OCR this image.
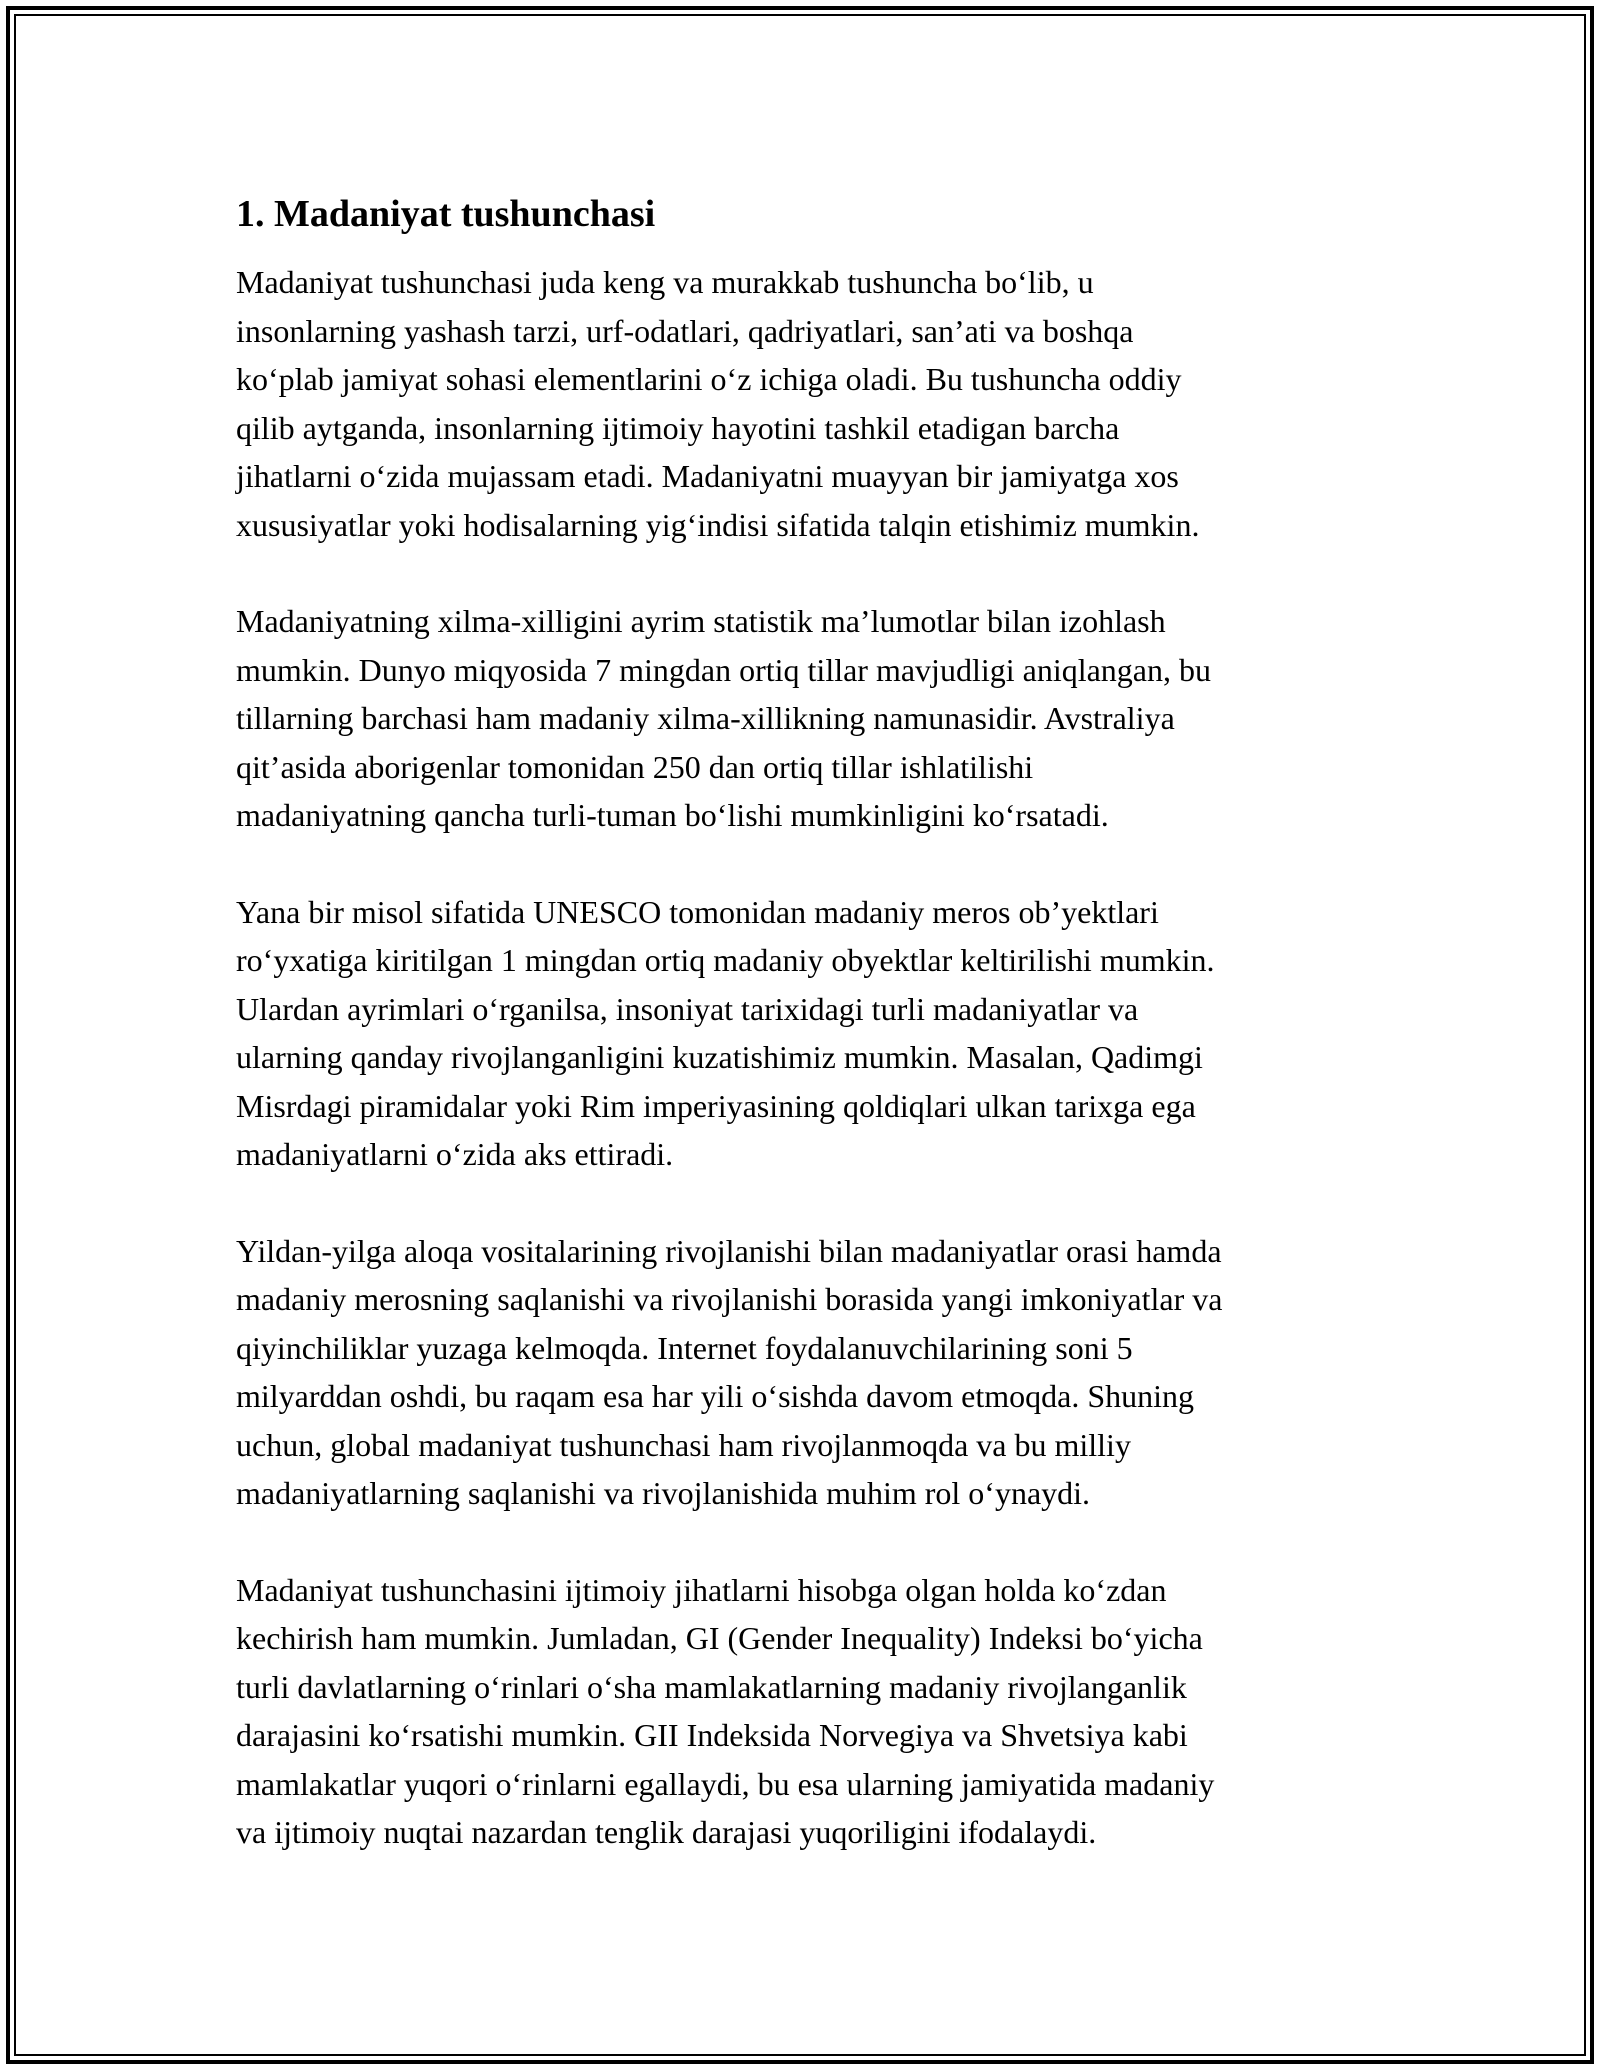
1. Madaniyat tushunchasi
Madaniyat tushunchasi juda keng va murakkab tushuncha bo‘lib, u
insonlarning yashash tarzi, urf-odatlari, qadriyatlari, san’ati va boshqa
ko‘plab jamiyat sohasi elementlarini o‘z ichiga oladi. Bu tushuncha oddiy
qilib aytganda, insonlarning ijtimoiy hayotini tashkil etadigan barcha
jihatlarni o‘zida mujassam etadi. Madaniyatni muayyan bir jamiyatga xos
xususiyatlar yoki hodisalarning yig‘indisi sifatida talqin etishimiz mumkin.
Madaniyatning xilma-xilligini ayrim statistik ma’lumotlar bilan izohlash
mumkin. Dunyo miqyosida 7 mingdan ortiq tillar mavjudligi aniqlangan, bu
tillarning barchasi ham madaniy xilma-xillikning namunasidir. Avstraliya
qit’asida aborigenlar tomonidan 250 dan ortiq tillar ishlatilishi
madaniyatning qancha turli-tuman bo‘lishi mumkinligini ko‘rsatadi.
Yana bir misol sifatida UNESCO tomonidan madaniy meros ob’yektlari
ro‘yxatiga kiritilgan 1 mingdan ortiq madaniy obyektlar keltirilishi mumkin.
Ulardan ayrimlari o‘rganilsa, insoniyat tarixidagi turli madaniyatlar va
ularning qanday rivojlanganligini kuzatishimiz mumkin. Masalan, Qadimgi
Misrdagi piramidalar yoki Rim imperiyasining qoldiqlari ulkan tarixga ega
madaniyatlarni o‘zida aks ettiradi.
Yildan-yilga aloqa vositalarining rivojlanishi bilan madaniyatlar orasi hamda
madaniy merosning saqlanishi va rivojlanishi borasida yangi imkoniyatlar va
qiyinchiliklar yuzaga kelmoqda. Internet foydalanuvchilarining soni 5
milyarddan oshdi, bu raqam esa har yili o‘sishda davom etmoqda. Shuning
uchun, global madaniyat tushunchasi ham rivojlanmoqda va bu milliy
madaniyatlarning saqlanishi va rivojlanishida muhim rol o‘ynaydi.
Madaniyat tushunchasini ijtimoiy jihatlarni hisobga olgan holda ko‘zdan
kechirish ham mumkin. Jumladan, GI (Gender Inequality) Indeksi bo‘yicha
turli davlatlarning o‘rinlari o‘sha mamlakatlarning madaniy rivojlanganlik
darajasini ko‘rsatishi mumkin. GII Indeksida Norvegiya va Shvetsiya kabi
mamlakatlar yuqori o‘rinlarni egallaydi, bu esa ularning jamiyatida madaniy
va ijtimoiy nuqtai nazardan tenglik darajasi yuqoriligini ifodalaydi.
